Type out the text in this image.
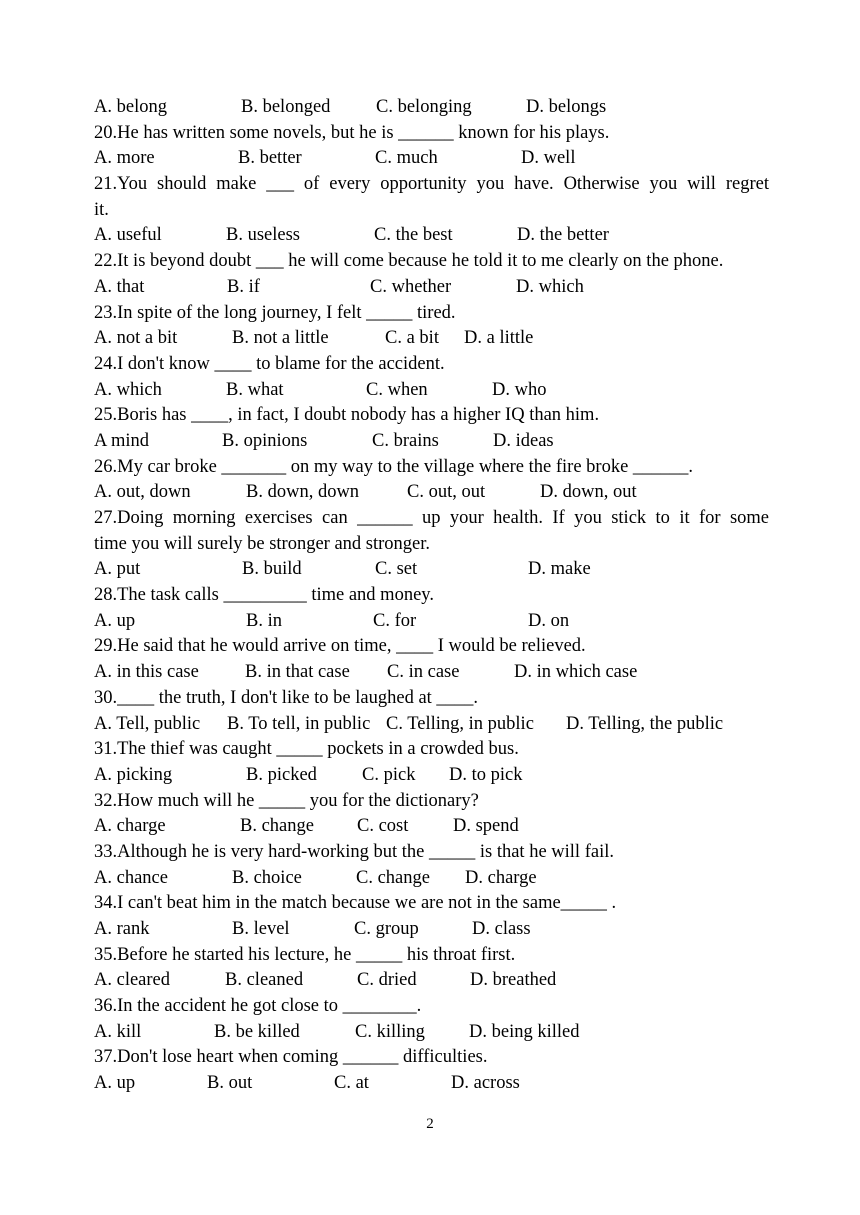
A. belong	B. belonged	C. belonging	D. belongs
20.He has written some novels, but he is ______ known for his plays.
A. more	B. better	C. much	D. well
21.You should make ___ of every opportunity you have. Otherwise you will regret
it.
A. useful	B. useless	C. the best	D. the better
22.It is beyond doubt ___ he will come because he told it to me clearly on the phone.
A. that	B. if	C. whether	D. which
23.In spite of the long journey, I felt _____ tired.
A. not a bit	B. not a little	C. a bit	D. a little
24.I don't know ____ to blame for the accident.
A. which	B. what	C. when	D. who
25.Boris has ____, in fact, I doubt nobody has a higher IQ than him.
A mind	B. opinions	C. brains	D. ideas
26.My car broke _______ on my way to the village where the fire broke ______.
A. out, down	B. down, down	C. out, out	D. down, out
27.Doing morning exercises can ______ up your health. If you stick to it for some
time you will surely be stronger and stronger.
A. put	B. build	C. set	D. make
28.The task calls _________ time and money.
A. up	B. in	C. for	D. on
29.He said that he would arrive on time, ____ I would be relieved.
A. in this case	B. in that case	C. in case	D. in which case
30.____ the truth, I don't like to be laughed at ____.
A. Tell, public	B. To tell, in public C. Telling, in public	D. Telling, the public
31.The thief was caught _____ pockets in a crowded bus.
A. picking	B. picked	C. pick	D. to pick
32.How much will he _____ you for the dictionary?
A. charge	B. change	C. cost	D. spend
33.Although he is very hard-working but the _____ is that he will fail.
A. chance	B. choice	C. change	D. charge
34.I can't beat him in the match because we are not in the same_____ .
A. rank	B. level	C. group	D. class
35.Before he started his lecture, he _____ his throat first.
A. cleared	B. cleaned	C. dried	D. breathed
36.In the accident he got close to ________.
A. kill	B. be killed	C. killing	D. being killed
37.Don't lose heart when coming ______ difficulties.
A. up	B. out	C. at	D. across
2
